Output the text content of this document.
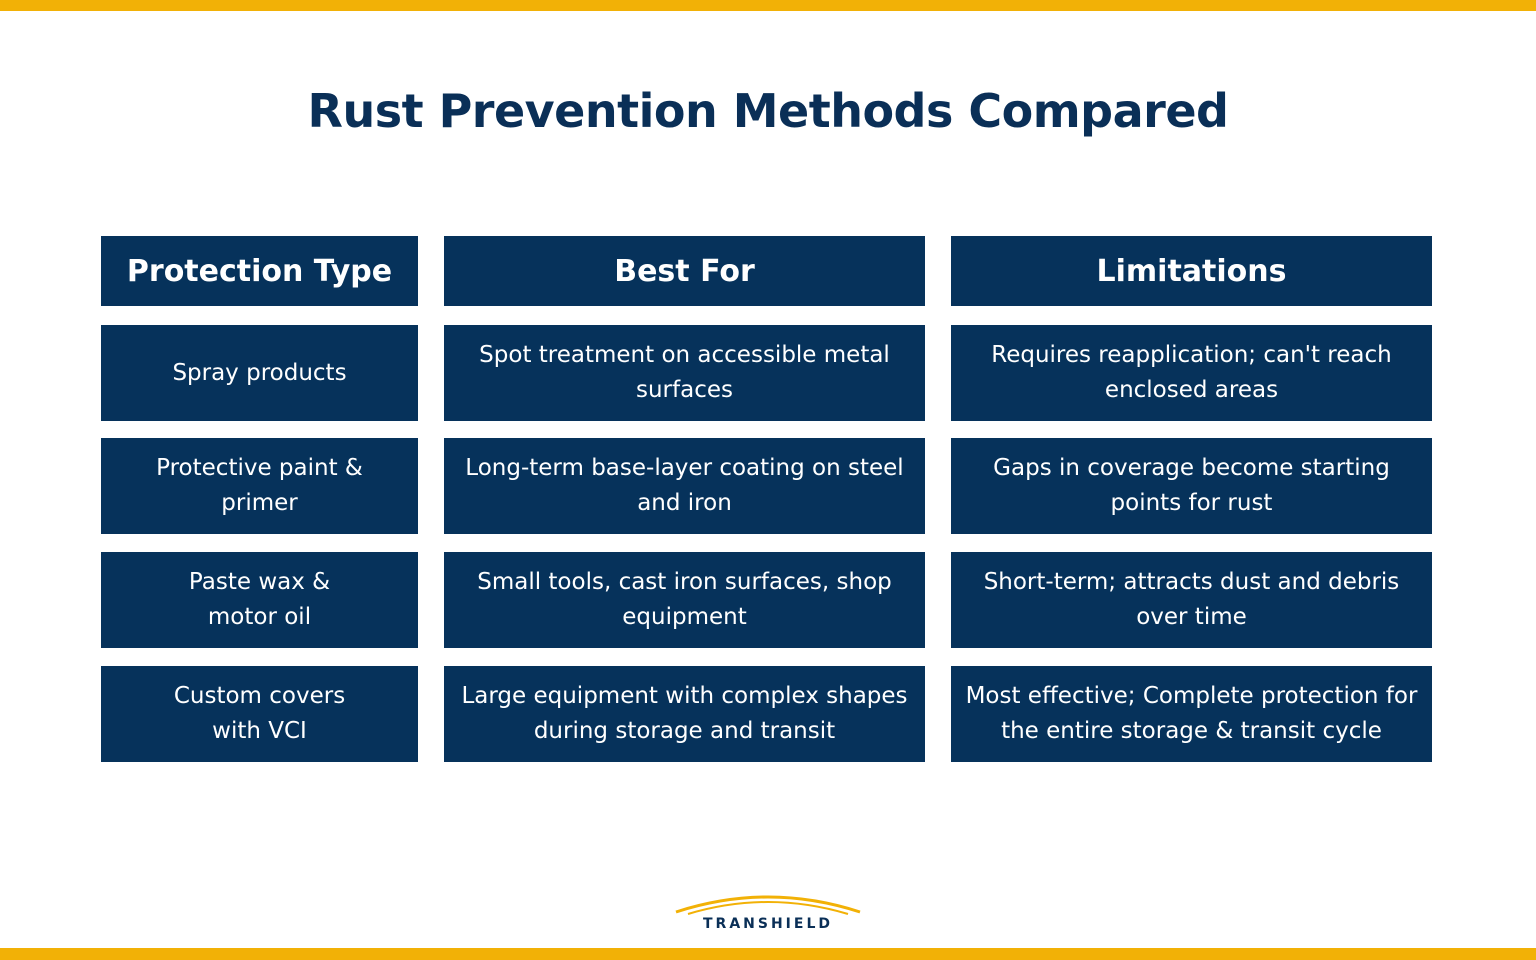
Rust Prevention Methods Compared
Protection Type	Best For	Limitations
Spray products
Spot treatment on accessible metal surfaces
Requires reapplication; can't reach enclosed areas
Protective paint & primer
Long-term base-layer coating on steel and iron
Gaps in coverage become starting points for rust
Paste wax & motor oil
Small tools, cast iron surfaces, shop equipment
Short-term; attracts dust and debris over time
Custom covers with VCI
Large equipment with complex shapes during storage and transit
Most effective; Complete protection for the entire storage & transit cycle
TRANSHIELD
